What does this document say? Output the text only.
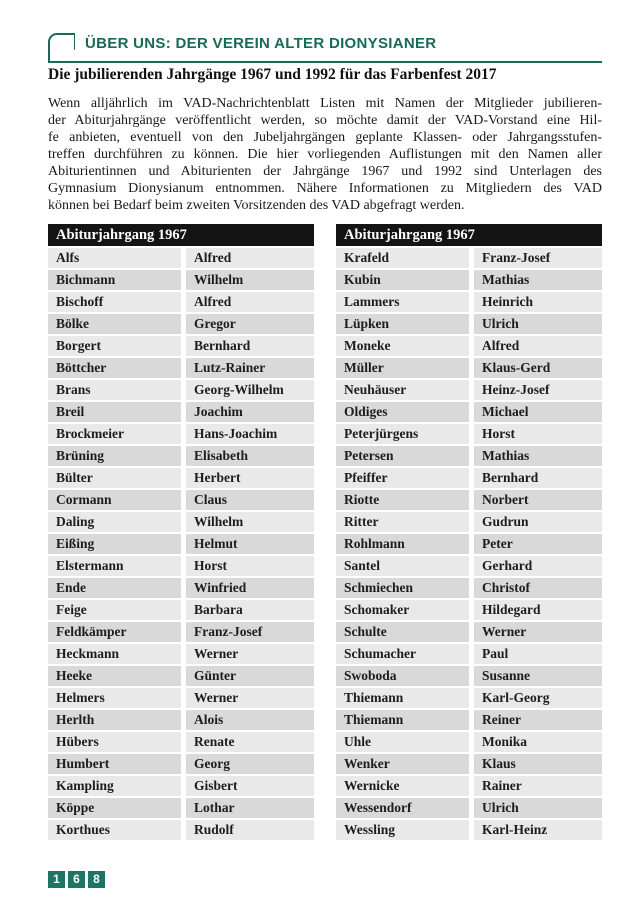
ÜBER UNS: DER VEREIN ALTER DIONYSIANER
Die jubilierenden Jahrgänge 1967 und 1992 für das Farbenfest 2017
Wenn alljährlich im VAD-Nachrichtenblatt Listen mit Namen der Mitglieder jubilieren-
der Abiturjahrgänge veröffentlicht werden, so möchte damit der VAD-Vorstand eine Hil-
fe anbieten, eventuell von den Jubeljahrgängen geplante Klassen- oder Jahrgangsstufen-
treffen durchführen zu können. Die hier vorliegenden Auflistungen mit den Namen aller
Abiturientinnen und Abiturienten der Jahrgänge 1967 und 1992 sind Unterlagen des
Gymnasium Dionysianum entnommen. Nähere Informationen zu Mitgliedern des VAD
können bei Bedarf beim zweiten Vorsitzenden des VAD abgefragt werden.
Abiturjahrgang 1967
Alfs	Alfred
Bichmann	Wilhelm
Bischoff	Alfred
Bölke	Gregor
Borgert	Bernhard
Böttcher	Lutz-Rainer
Brans	Georg-Wilhelm
Breil	Joachim
Brockmeier	Hans-Joachim
Brüning	Elisabeth
Bülter	Herbert
Cormann	Claus
Daling	Wilhelm
Eißing	Helmut
Elstermann	Horst
Ende	Winfried
Feige	Barbara
Feldkämper	Franz-Josef
Heckmann	Werner
Heeke	Günter
Helmers	Werner
Herlth	Alois
Hübers	Renate
Humbert	Georg
Kampling	Gisbert
Köppe	Lothar
Korthues	Rudolf
Abiturjahrgang 1967
Krafeld	Franz-Josef
Kubin	Mathias
Lammers	Heinrich
Lüpken	Ulrich
Moneke	Alfred
Müller	Klaus-Gerd
Neuhäuser	Heinz-Josef
Oldiges	Michael
Peterjürgens	Horst
Petersen	Mathias
Pfeiffer	Bernhard
Riotte	Norbert
Ritter	Gudrun
Rohlmann	Peter
Santel	Gerhard
Schmiechen	Christof
Schomaker	Hildegard
Schulte	Werner
Schumacher	Paul
Swoboda	Susanne
Thiemann	Karl-Georg
Thiemann	Reiner
Uhle	Monika
Wenker	Klaus
Wernicke	Rainer
Wessendorf	Ulrich
Wessling	Karl-Heinz
1	6	8
